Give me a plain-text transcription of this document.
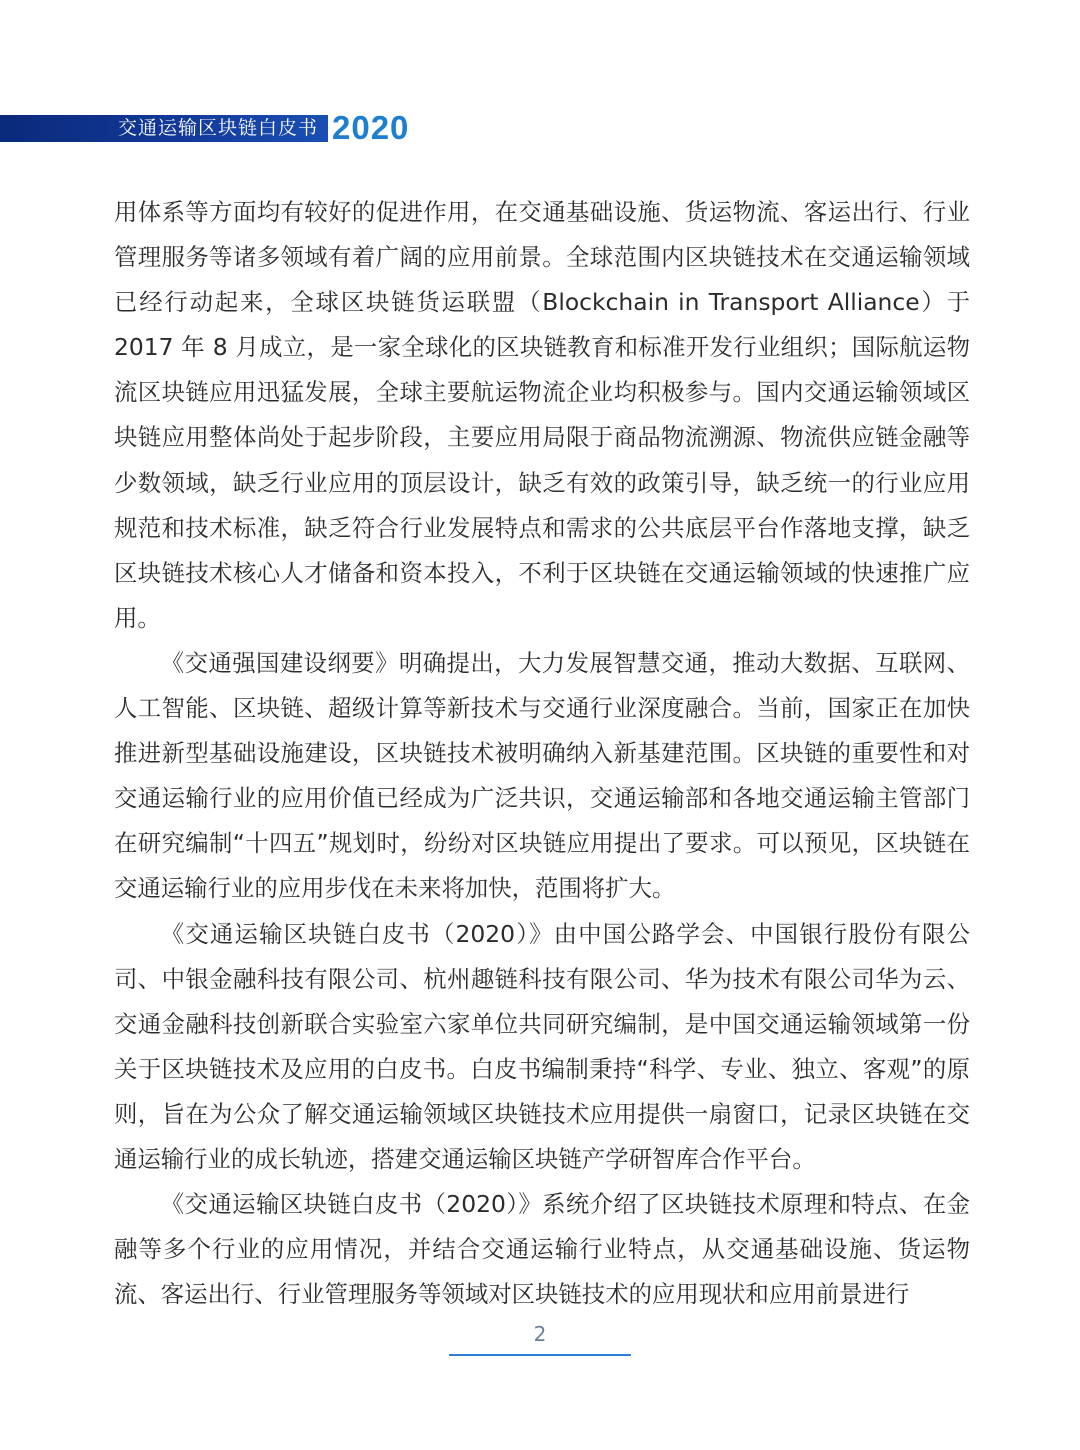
交通运输区块链白皮书 2020

用体系等方面均有较好的促进作用，在交通基础设施、货运物流、客运出行、行业管理服务等诸多领域有着广阔的应用前景。全球范围内区块链技术在交通运输领域已经行动起来，全球区块链货运联盟（Blockchain in Transport Alliance）于 2017 年 8 月成立，是一家全球化的区块链教育和标准开发行业组织；国际航运物流区块链应用迅猛发展，全球主要航运物流企业均积极参与。国内交通运输领域区块链应用整体尚处于起步阶段，主要应用局限于商品物流溯源、物流供应链金融等少数领域，缺乏行业应用的顶层设计，缺乏有效的政策引导，缺乏统一的行业应用规范和技术标准，缺乏符合行业发展特点和需求的公共底层平台作落地支撑，缺乏区块链技术核心人才储备和资本投入，不利于区块链在交通运输领域的快速推广应用。

《交通强国建设纲要》明确提出，大力发展智慧交通，推动大数据、互联网、人工智能、区块链、超级计算等新技术与交通行业深度融合。当前，国家正在加快推进新型基础设施建设，区块链技术被明确纳入新基建范围。区块链的重要性和对交通运输行业的应用价值已经成为广泛共识，交通运输部和各地交通运输主管部门在研究编制“十四五”规划时，纷纷对区块链应用提出了要求。可以预见，区块链在交通运输行业的应用步伐在未来将加快，范围将扩大。

《交通运输区块链白皮书（2020）》由中国公路学会、中国银行股份有限公司、中银金融科技有限公司、杭州趣链科技有限公司、华为技术有限公司华为云、交通金融科技创新联合实验室六家单位共同研究编制，是中国交通运输领域第一份关于区块链技术及应用的白皮书。白皮书编制秉持“科学、专业、独立、客观”的原则，旨在为公众了解交通运输领域区块链技术应用提供一扇窗口，记录区块链在交通运输行业的成长轨迹，搭建交通运输区块链产学研智库合作平台。

《交通运输区块链白皮书（2020）》系统介绍了区块链技术原理和特点、在金融等多个行业的应用情况，并结合交通运输行业特点，从交通基础设施、货运物流、客运出行、行业管理服务等领域对区块链技术的应用现状和应用前景进行

2
